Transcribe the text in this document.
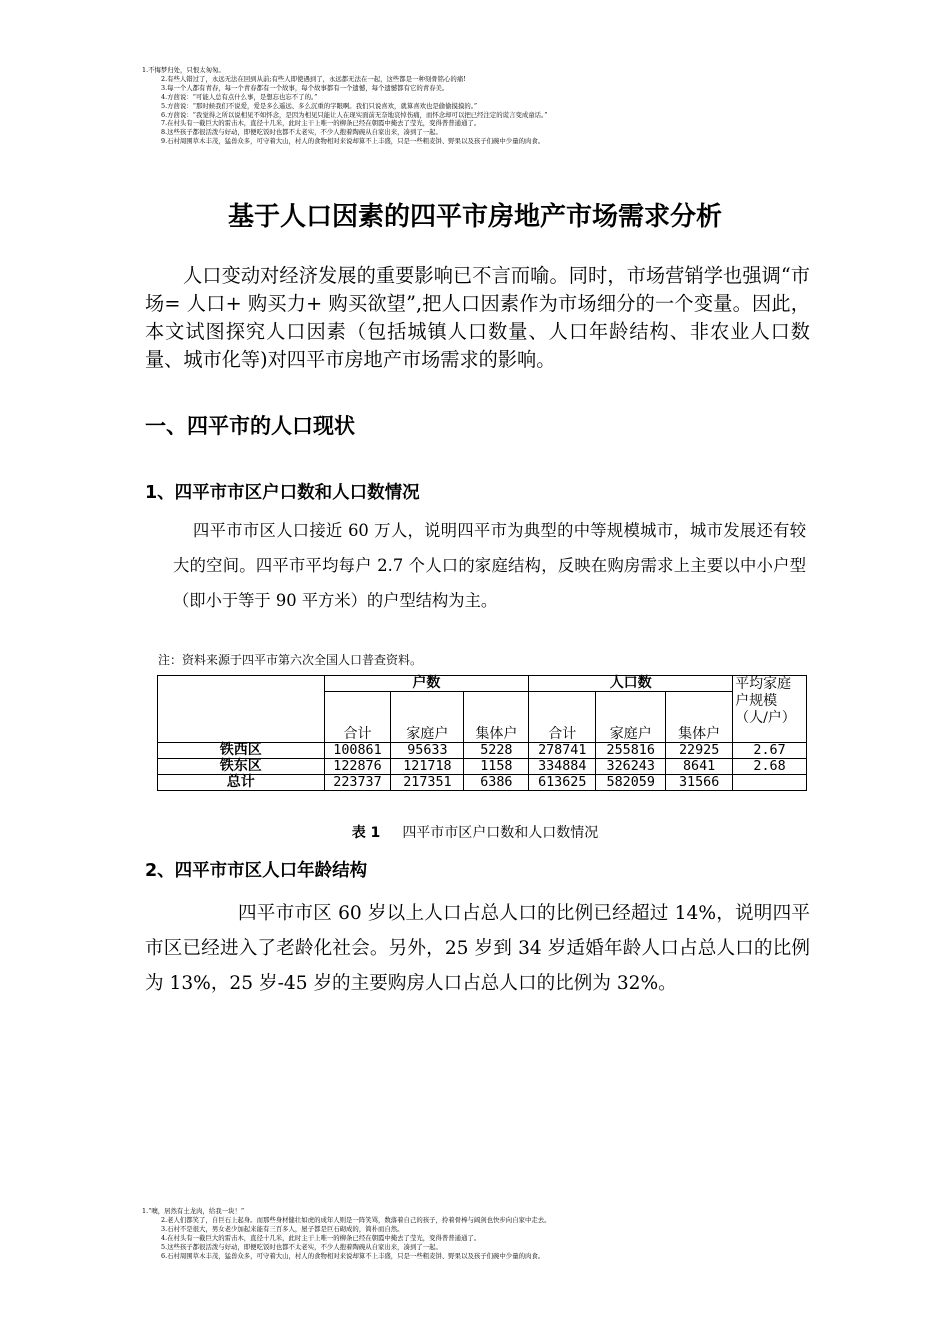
1.不悔梦归处，只恨太匆匆。
2.有些人错过了，永远无法在回到从前;有些人即使遇到了，永远都无法在一起，这些都是一种刻骨铭心的痛!
3.每一个人都有青春，每一个青春都有一个故事，每个故事都有一个遗憾，每个遗憾都有它的青春美。
4.方茴说：“可能人总有点什么事，是想忘也忘不了的。”
5.方茴说：“那时候我们不说爱，爱是多么遥远、多么沉重的字眼啊。我们只说喜欢，就算喜欢也是偷偷摸摸的。”
6.方茴说：“我觉得之所以说相见不如怀念，是因为相见只能让人在现实面前无奈地哀悼伤痛，而怀念却可以把已经注定的谎言变成童话。”
7.在村头有一截巨大的雷击木，直径十几米，此时主干上唯一的柳条已经在朝霞中掩去了莹光，变得普普通通了。
8.这些孩子都很活泼与好动，即便吃饭时也都不太老实，不少人抱着陶碗从自家出来，凑到了一起。
9.石村周围草木丰茂，猛兽众多，可守着大山，村人的食物相对来说却算不上丰盛，只是一些粗麦饼、野果以及孩子们碗中少量的肉食。
基于人口因素的四平市房地产市场需求分析
人口变动对经济发展的重要影响已不言而喻。同时，市场营销学也强调“市场= 人口+ 购买力+ 购买欲望”,把人口因素作为市场细分的一个变量。因此，本文试图探究人口因素（包括城镇人口数量、人口年龄结构、非农业人口数量、城市化等)对四平市房地产市场需求的影响。
一、四平市的人口现状
1、四平市市区户口数和人口数情况
四平市市区人口接近 60 万人，说明四平市为典型的中等规模城市，城市发展还有较大的空间。四平市平均每户 2.7 个人口的家庭结构，反映在购房需求上主要以中小户型（即小于等于 90 平方米）的户型结构为主。
注：资料来源于四平市第六次全国人口普查资料。
	户数			人口数			平均家庭户规模（人/户）
	合计	家庭户	集体户	合计	家庭户	集体户	
铁西区	100861	95633	5228	278741	255816	22925	2.67
铁东区	122876	121718	1158	334884	326243	8641	2.68
总计	223737	217351	6386	613625	582059	31566	
表 1 四平市市区户口数和人口数情况
2、四平市市区人口年龄结构
四平市市区 60 岁以上人口占总人口的比例已经超过 14%，说明四平市区已经进入了老龄化社会。另外，25 岁到 34 岁适婚年龄人口占总人口的比例为 13%，25 岁-45 岁的主要购房人口占总人口的比例为 32%。
1.“噢，居然有土龙肉，给我一块！”
2.老人们都笑了，自巨石上起身。而那些身材健壮如虎的成年人则是一阵笑骂，数落着自己的孩子，拎着骨棒与阔剑也快步向自家中走去。
3.石村不是很大，男女老少加起来能有三百多人，屋子都是巨石砌成的，简朴而自然。
4.在村头有一截巨大的雷击木，直径十几米，此时主干上唯一的柳条已经在朝霞中掩去了莹光，变得普普通通了。
5.这些孩子都很活泼与好动，即便吃饭时也都不太老实，不少人抱着陶碗从自家出来，凑到了一起。
6.石村周围草木丰茂，猛兽众多，可守着大山，村人的食物相对来说却算不上丰盛，只是一些粗麦饼、野果以及孩子们碗中少量的肉食。
